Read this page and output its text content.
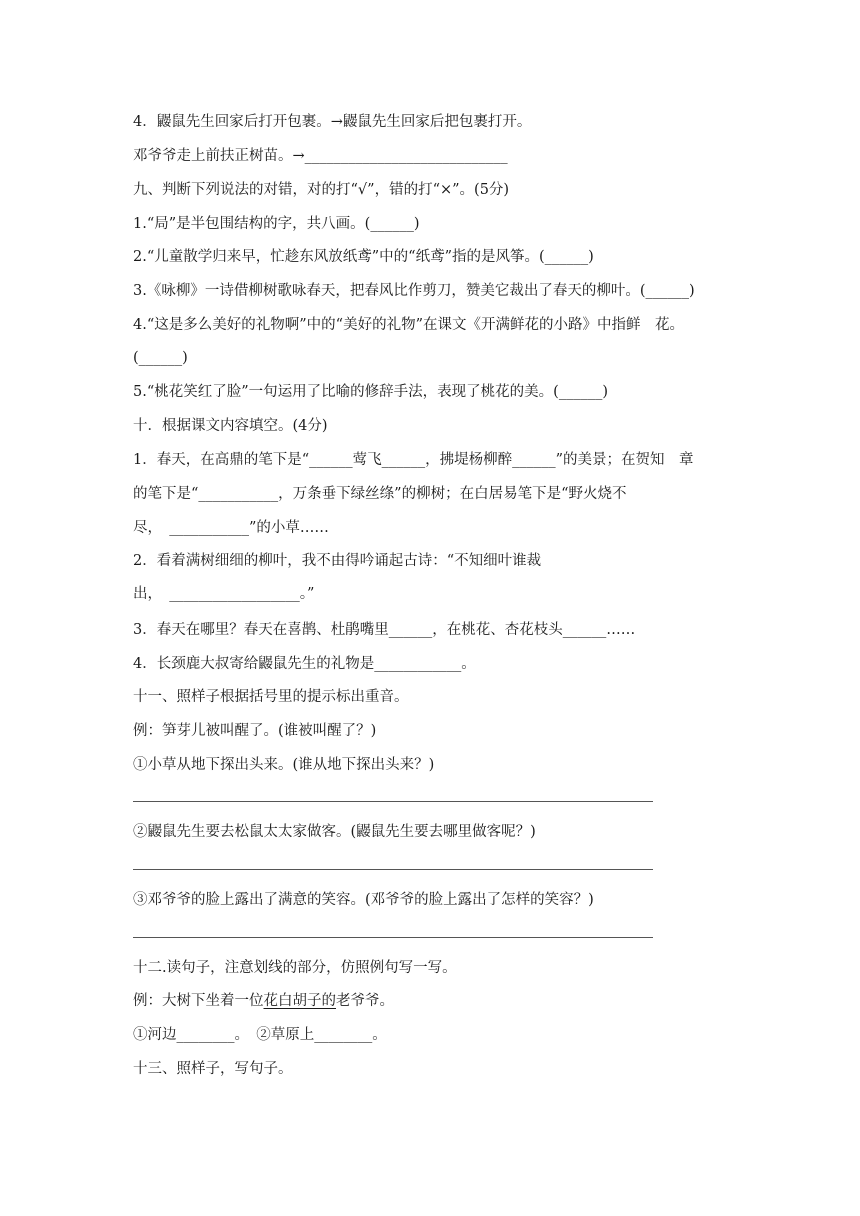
4．鼹鼠先生回家后打开包裹。→鼹鼠先生回家后把包裹打开。
邓爷爷走上前扶正树苗。→____________________________
九、判断下列说法的对错，对的打“√”，错的打“×”。(5分)
1.“局”是半包围结构的字，共八画。(______)
2.“儿童散学归来早，忙趁东风放纸鸢”中的“纸鸢”指的是风筝。(______)
3.《咏柳》一诗借柳树歌咏春天，把春风比作剪刀，赞美它裁出了春天的柳叶。(______)
4.“这是多么美好的礼物啊”中的“美好的礼物”在课文《开满鲜花的小路》中指鲜　花。
(______)
5.“桃花笑红了脸”一句运用了比喻的修辞手法，表现了桃花的美。(______)
十．根据课文内容填空。(4分)
1．春天，在高鼎的笔下是“______莺飞______，拂堤杨柳醉______”的美景；在贺知　章
的笔下是“___________，万条垂下绿丝绦”的柳树；在白居易笔下是“野火烧不
尽，　___________”的小草……
2．看着满树细细的柳叶，我不由得吟诵起古诗：“不知细叶谁裁
出，　__________________。”
3．春天在哪里？春天在喜鹊、杜鹃嘴里______，在桃花、杏花枝头______……
4．长颈鹿大叔寄给鼹鼠先生的礼物是____________。
十一、照样子根据括号里的提示标出重音。
例：笋芽儿被叫醒了。(谁被叫醒了？)
①小草从地下探出头来。(谁从地下探出头来？)
②鼹鼠先生要去松鼠太太家做客。(鼹鼠先生要去哪里做客呢？)
③邓爷爷的脸上露出了满意的笑容。(邓爷爷的脸上露出了怎样的笑容？)
十二.读句子，注意划线的部分，仿照例句写一写。
例：大树下坐着一位花白胡子的老爷爷。
①河边________。　②草原上________。
十三、照样子，写句子。
